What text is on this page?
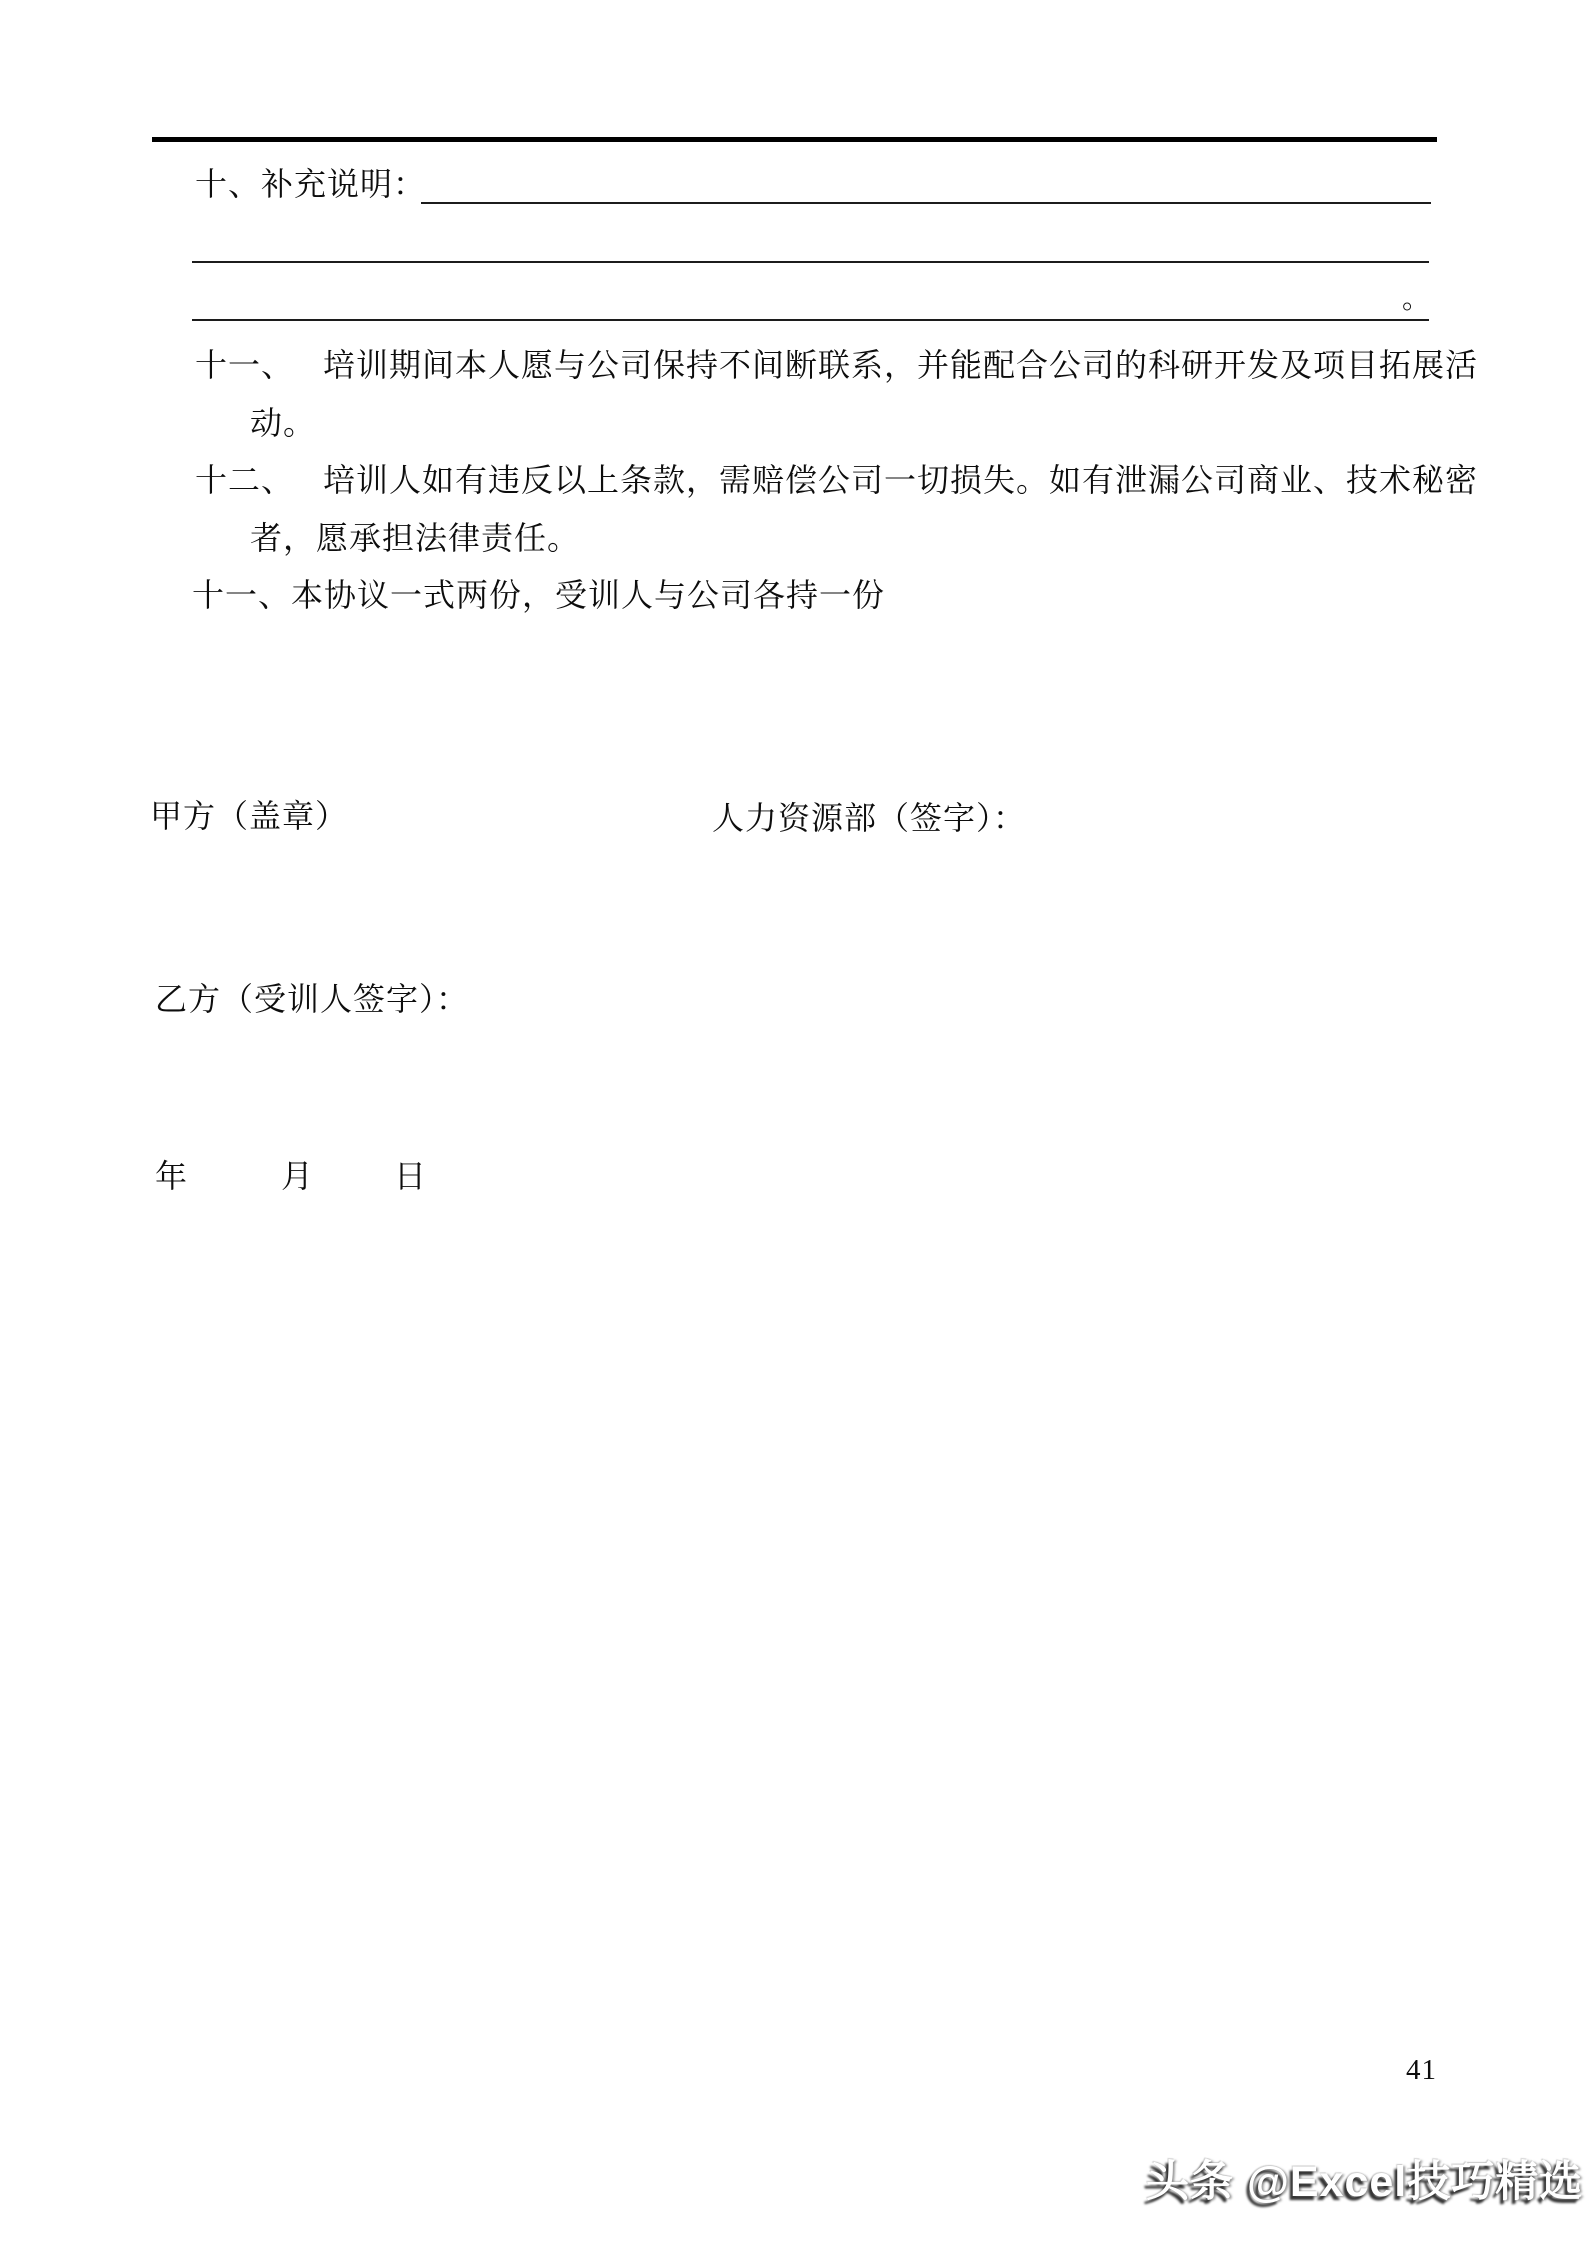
十、补充说明：
。
十一、 培训期间本人愿与公司保持不间断联系，并能配合公司的科研开发及项目拓展活
动。
十二、 培训人如有违反以上条款，需赔偿公司一切损失。如有泄漏公司商业、技术秘密
者，愿承担法律责任。
十一、本协议一式两份，受训人与公司各持一份
甲方（盖章）	人力资源部（签字）：
乙方（受训人签字）：
年	月	日
41
头条 @Excel技巧精选
